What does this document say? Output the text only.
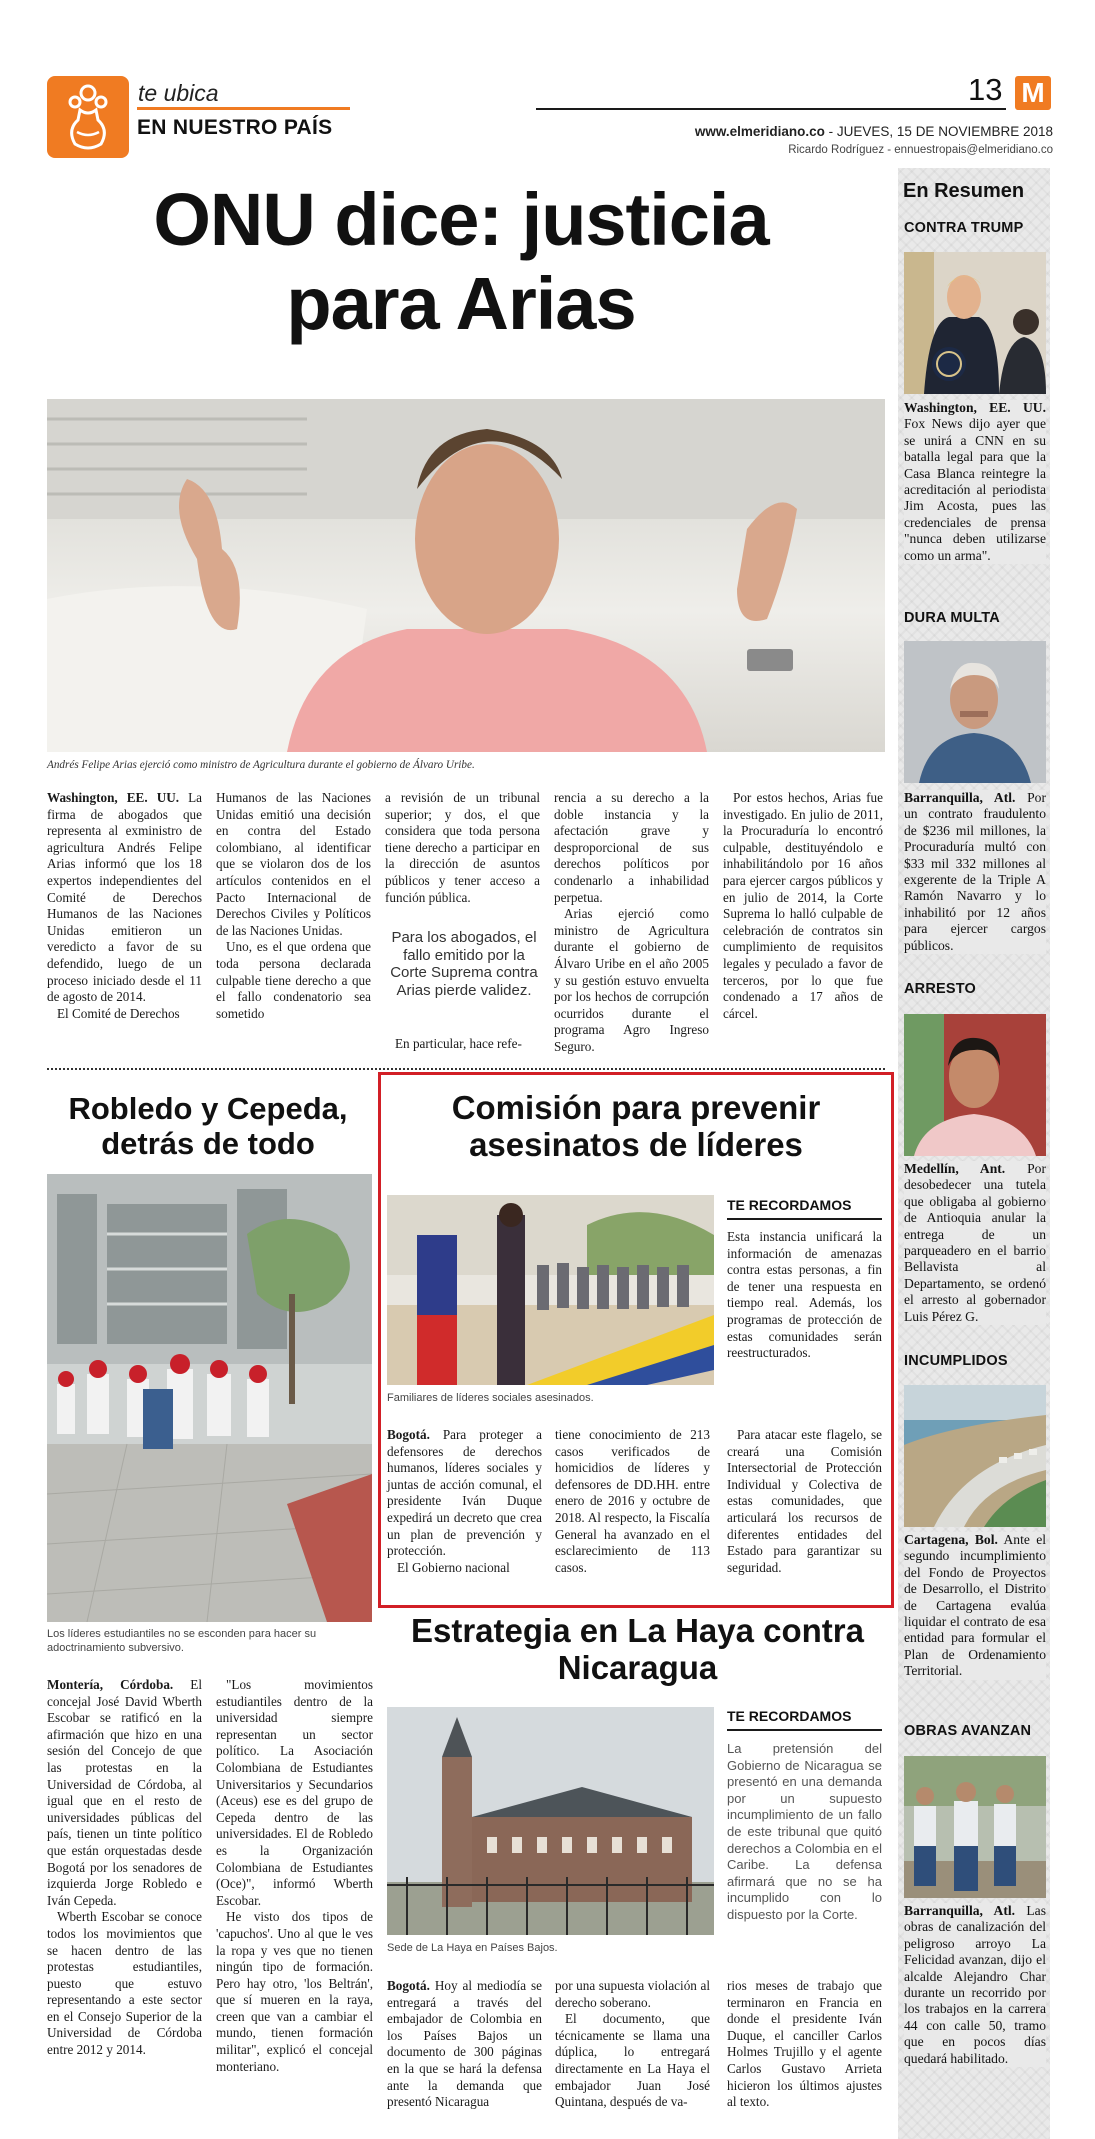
te ubica
EN NUESTRO PAÍS
13 M
www.elmeridiano.co - JUEVES, 15 DE NOVIEMBRE 2018
Ricardo Rodríguez - ennuestropais@elmeridiano.co
ONU dice: justicia
para Arias
Andrés Felipe Arias ejerció como ministro de Agricultura durante el gobierno de Álvaro Uribe.

Washington, EE. UU. La firma de abogados que representa al exministro de agricultura Andrés Felipe Arias informó que los 18 expertos independientes del Comité de Derechos Humanos de las Naciones Unidas emitieron un veredicto a favor de su defendido, luego de un proceso iniciado desde el 11 de agosto de 2014.

El Comité de Derechos

Humanos de las Naciones Unidas emitió una decisión en contra del Estado colombiano, al identificar que se violaron dos de los artículos contenidos en el Pacto Internacional de Derechos Civiles y Políticos de las Naciones Unidas.

Uno, es el que ordena que toda persona declarada culpable tiene derecho a que el fallo condenatorio sea sometido

a revisión de un tribunal superior; y dos, el que considera que toda persona tiene derecho a participar en la dirección de asuntos públicos y tener acceso a función pública.

Para los abogados, el fallo emitido por la Corte Suprema contra Arias pierde validez.

En particular, hace refe-

rencia a su derecho a la doble instancia y la afectación grave y desproporcional de sus derechos políticos por condenarlo a inhabilidad perpetua.

Arias ejerció como ministro de Agricultura durante el gobierno de Álvaro Uribe en el año 2005 y su gestión estuvo envuelta por los hechos de corrupción ocurridos durante el programa Agro Ingreso Seguro.

Por estos hechos, Arias fue investigado. En julio de 2011, la Procuraduría lo encontró culpable, destituyéndolo e inhabilitándolo por 16 años para ejercer cargos públicos y en julio de 2014, la Corte Suprema lo halló culpable de celebración de contratos sin cumplimiento de requisitos legales y peculado a favor de terceros, por lo que fue condenado a 17 años de cárcel.

Robledo y Cepeda, detrás de todo
Los líderes estudiantiles no se esconden para hacer su adoctrinamiento subversivo.

Montería, Córdoba. El concejal José David Wberth Escobar se ratificó en la afirmación que hizo en una sesión del Concejo de que las protestas en la Universidad de Córdoba, al igual que en el resto de universidades públicas del país, tienen un tinte político que están orquestadas desde Bogotá por los senadores de izquierda Jorge Robledo e Iván Cepeda.

Wberth Escobar se conoce todos los movimientos que se hacen dentro de las protestas estudiantiles, puesto que estuvo representando a este sector en el Consejo Superior de la Universidad de Córdoba entre 2012 y 2014.

"Los movimientos estudiantiles dentro de la universidad siempre representan un sector político. La Asociación Colombiana de Estudiantes Universitarios y Secundarios (Aceus) ese es del grupo de Cepeda dentro de las universidades. El de Robledo es la Organización Colombiana de Estudiantes (Oce)", informó Wberth Escobar.

He visto dos tipos de 'capuchos'. Uno al que le ves la ropa y ves que no tienen ningún tipo de formación. Pero hay otro, 'los Beltrán', que sí mueren en la raya, creen que van a cambiar el mundo, tienen formación militar", explicó el concejal monteriano.

Comisión para prevenir asesinatos de líderes
Familiares de líderes sociales asesinados.
TE RECORDAMOS
Esta instancia unificará la información de amenazas contra estas personas, a fin de tener una respuesta en tiempo real. Además, los programas de protección de estas comunidades serán reestructurados.

Bogotá. Para proteger a defensores de derechos humanos, líderes sociales y juntas de acción comunal, el presidente Iván Duque expedirá un decreto que crea un plan de prevención y protección.

El Gobierno nacional

tiene conocimiento de 213 casos verificados de homicidios de líderes y defensores de DD.HH. entre enero de 2016 y octubre de 2018. Al respecto, la Fiscalía General ha avanzado en el esclarecimiento de 113 casos.

Para atacar este flagelo, se creará una Comisión Intersectorial de Protección Individual y Colectiva de estas comunidades, que articulará los recursos de diferentes entidades del Estado para garantizar su seguridad.

Estrategia en La Haya contra Nicaragua
Sede de La Haya en Países Bajos.
TE RECORDAMOS
La pretensión del Gobierno de Nicaragua se presentó en una demanda por un supuesto incumplimiento de un fallo de este tribunal que quitó derechos a Colombia en el Caribe. La defensa afirmará que no se ha incumplido con lo dispuesto por la Corte.

Bogotá. Hoy al mediodía se entregará a través del embajador de Colombia en los Países Bajos un documento de 300 páginas en la que se hará la defensa ante la demanda que presentó Nicaragua

por una supuesta violación al derecho soberano.

El documento, que técnicamente se llama una dúplica, lo entregará directamente en La Haya el embajador Juan José Quintana, después de va-

rios meses de trabajo que terminaron en Francia en donde el presidente Iván Duque, el canciller Carlos Holmes Trujillo y el agente Carlos Gustavo Arrieta hicieron los últimos ajustes al texto.

En Resumen
CONTRA TRUMP
Washington, EE. UU. Fox News dijo ayer que se unirá a CNN en su batalla legal para que la Casa Blanca reintegre la acreditación al periodista Jim Acosta, pues las credenciales de prensa "nunca deben utilizarse como un arma".
DURA MULTA
Barranquilla, Atl. Por un contrato fraudulento de $236 mil millones, la Procuraduría multó con $33 mil 332 millones al exgerente de la Triple A Ramón Navarro y lo inhabilitó por 12 años para ejercer cargos públicos.
ARRESTO
Medellín, Ant. Por desobedecer una tutela que obligaba al gobierno de Antioquia anular la entrega de un parqueadero en el barrio Bellavista al Departamento, se ordenó el arresto al gobernador Luis Pérez G.
INCUMPLIDOS
Cartagena, Bol. Ante el segundo incumplimiento del Fondo de Proyectos de Desarrollo, el Distrito de Cartagena evalúa liquidar el contrato de esa entidad para formular el Plan de Ordenamiento Territorial.
OBRAS AVANZAN
Barranquilla, Atl. Las obras de canalización del peligroso arroyo La Felicidad avanzan, dijo el alcalde Alejandro Char durante un recorrido por los trabajos en la carrera 44 con calle 50, tramo que en pocos días quedará habilitado.
